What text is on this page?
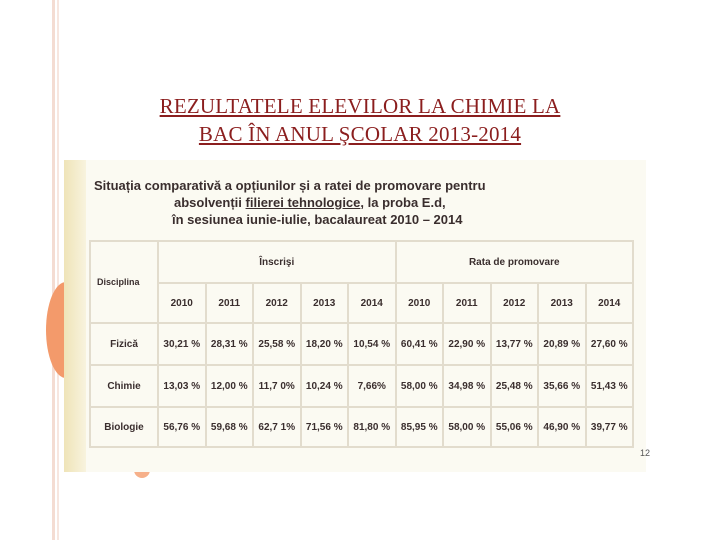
REZULTATELE ELEVILOR LA CHIMIE LA
BAC ÎN ANUL ŞCOLAR 2013-2014
Situația comparativă a opțiunilor și a ratei de promovare pentru
absolvenții filierei tehnologice, la proba E.d,
în sesiunea iunie-iulie, bacalaureat 2010 – 2014
Disciplina	Înscrişi					Rata de promovare				
	2010	2011	2012	2013	2014	2010	2011	2012	2013	2014
Fizică	30,21 %	28,31 %	25,58 %	18,20 %	10,54 %	60,41 %	22,90 %	13,77 %	20,89 %	27,60 %
Chimie	13,03 %	12,00 %	11,7 0%	10,24 %	7,66%	58,00 %	34,98 %	25,48 %	35,66 %	51,43 %
Biologie	56,76 %	59,68 %	62,7 1%	71,56 %	81,80 %	85,95 %	58,00 %	55,06 %	46,90 %	39,77 %
12
